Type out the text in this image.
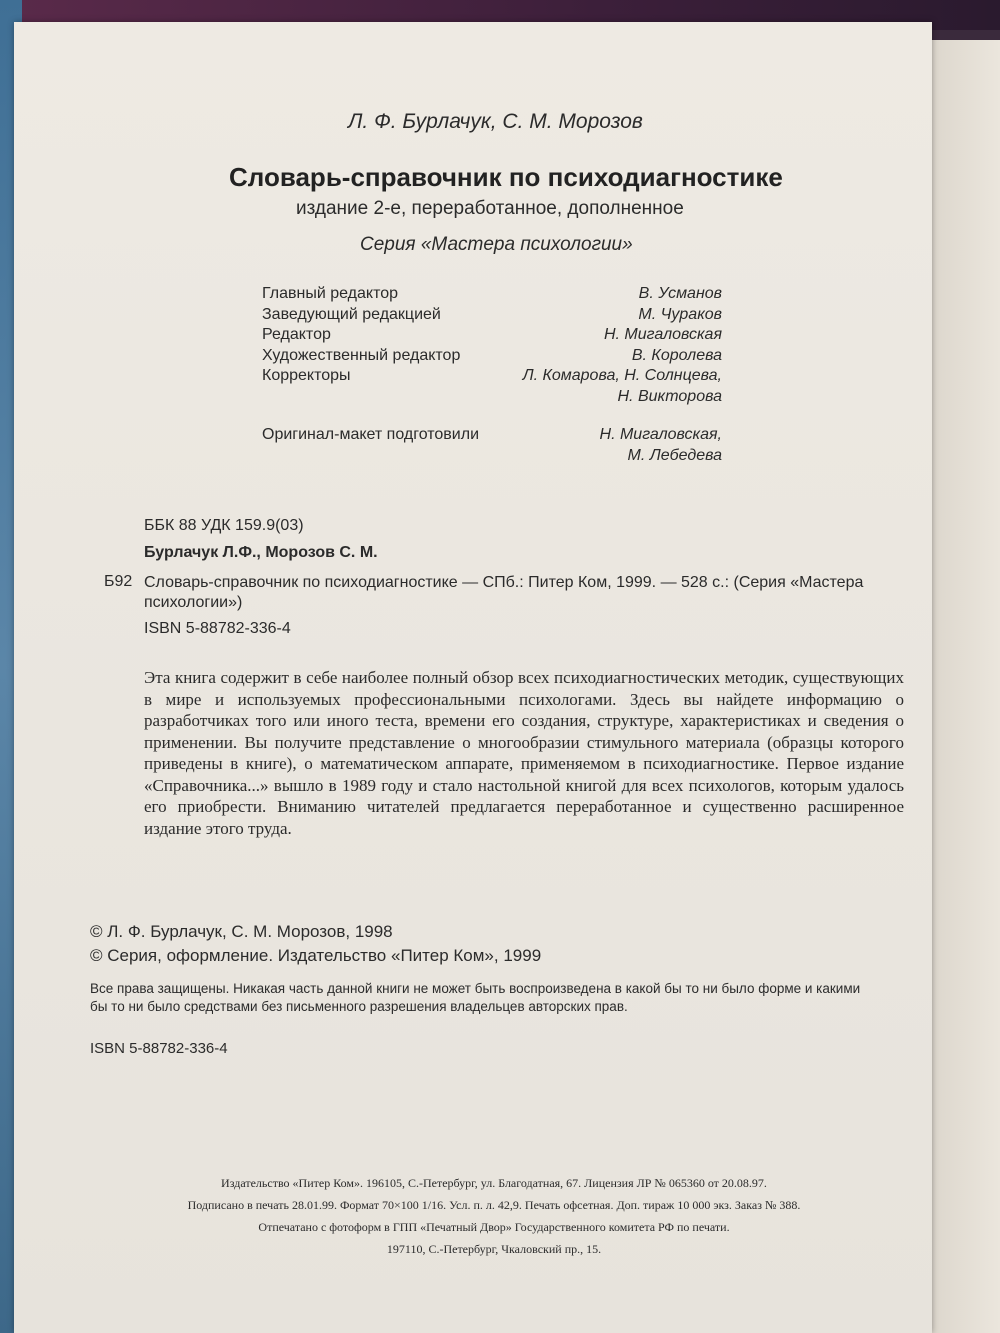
Л. Ф. Бурлачук, С. М. Морозов
Словарь-справочник по психодиагностике
издание 2-е, переработанное, дополненное
Серия «Мастера психологии»
Главный редактор	В. Усманов
Заведующий редакцией	М. Чураков
Редактор	Н. Мигаловская
Художественный редактор	В. Королева
Корректоры	Л. Комарова, Н. Солнцева,
Н. Викторова
Оригинал-макет подготовили	Н. Мигаловская,
М. Лебедева
ББК 88 УДК 159.9(03)
Бурлачук Л.Ф., Морозов С. М.
Б92 Словарь-справочник по психодиагностике — СПб.: Питер Ком, 1999. — 528 с.: (Серия «Мастера психологии»)
ISBN 5-88782-336-4
Эта книга содержит в себе наиболее полный обзор всех психодиагностических методик, существующих в мире и используемых профессиональными психологами. Здесь вы найдете информацию о разработчиках того или иного теста, времени его создания, структуре, характеристиках и сведения о применении. Вы получите представление о многообразии стимульного материала (образцы которого приведены в книге), о математическом аппарате, применяемом в психодиагностике. Первое издание «Справочника...» вышло в 1989 году и стало настольной книгой для всех психологов, которым удалось его приобрести. Вниманию читателей предлагается переработанное и существенно расширенное издание этого труда.
© Л. Ф. Бурлачук, С. М. Морозов, 1998
© Серия, оформление. Издательство «Питер Ком», 1999
Все права защищены. Никакая часть данной книги не может быть воспроизведена в какой бы то ни было форме и какими бы то ни было средствами без письменного разрешения владельцев авторских прав.
ISBN 5-88782-336-4
Издательство «Питер Ком». 196105, С.-Петербург, ул. Благодатная, 67. Лицензия ЛР № 065360 от 20.08.97.
Подписано в печать 28.01.99. Формат 70×100 1/16. Усл. п. л. 42,9. Печать офсетная. Доп. тираж 10 000 экз. Заказ № 388.
Отпечатано с фотоформ в ГПП «Печатный Двор» Государственного комитета РФ по печати.
197110, С.-Петербург, Чкаловский пр., 15.
